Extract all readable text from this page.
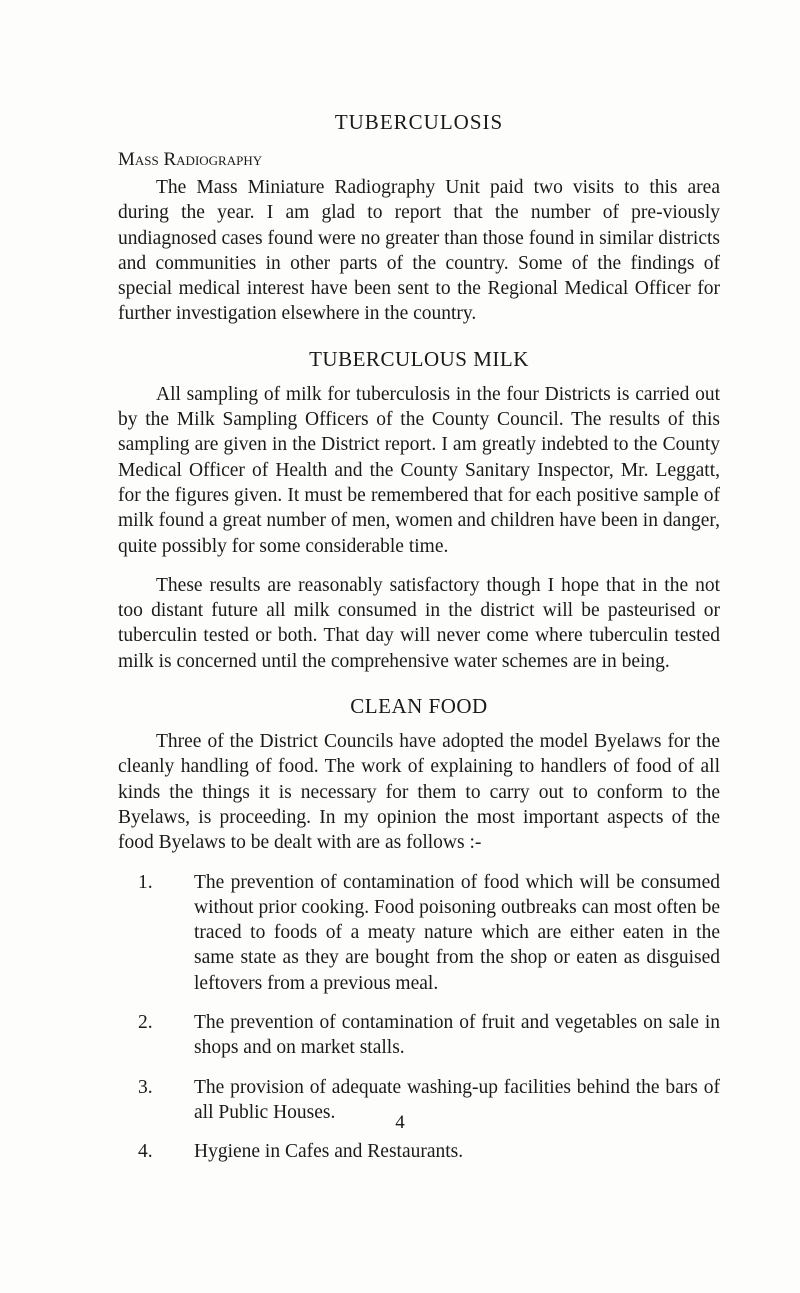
TUBERCULOSIS
Mass Radiography

The Mass Miniature Radiography Unit paid two visits to this area during the year. I am glad to report that the number of pre-viously undiagnosed cases found were no greater than those found in similar districts and communities in other parts of the country. Some of the findings of special medical interest have been sent to the Regional Medical Officer for further investigation elsewhere in the country.

TUBERCULOUS MILK

All sampling of milk for tuberculosis in the four Districts is carried out by the Milk Sampling Officers of the County Council. The results of this sampling are given in the District report. I am greatly indebted to the County Medical Officer of Health and the County Sanitary Inspector, Mr. Leggatt, for the figures given. It must be remembered that for each positive sample of milk found a great number of men, women and children have been in danger, quite possibly for some considerable time.

These results are reasonably satisfactory though I hope that in the not too distant future all milk consumed in the district will be pasteurised or tuberculin tested or both. That day will never come where tuberculin tested milk is concerned until the comprehensive water schemes are in being.

CLEAN FOOD

Three of the District Councils have adopted the model Byelaws for the cleanly handling of food. The work of explaining to handlers of food of all kinds the things it is necessary for them to carry out to conform to the Byelaws, is proceeding. In my opinion the most important aspects of the food Byelaws to be dealt with are as follows :-

1.	The prevention of contamination of food which will be consumed without prior cooking. Food poisoning outbreaks can most often be traced to foods of a meaty nature which are either eaten in the same state as they are bought from the shop or eaten as disguised leftovers from a previous meal.
2.	The prevention of contamination of fruit and vegetables on sale in shops and on market stalls.
3.	The provision of adequate washing-up facilities behind the bars of all Public Houses.
4.	Hygiene in Cafes and Restaurants.
4
